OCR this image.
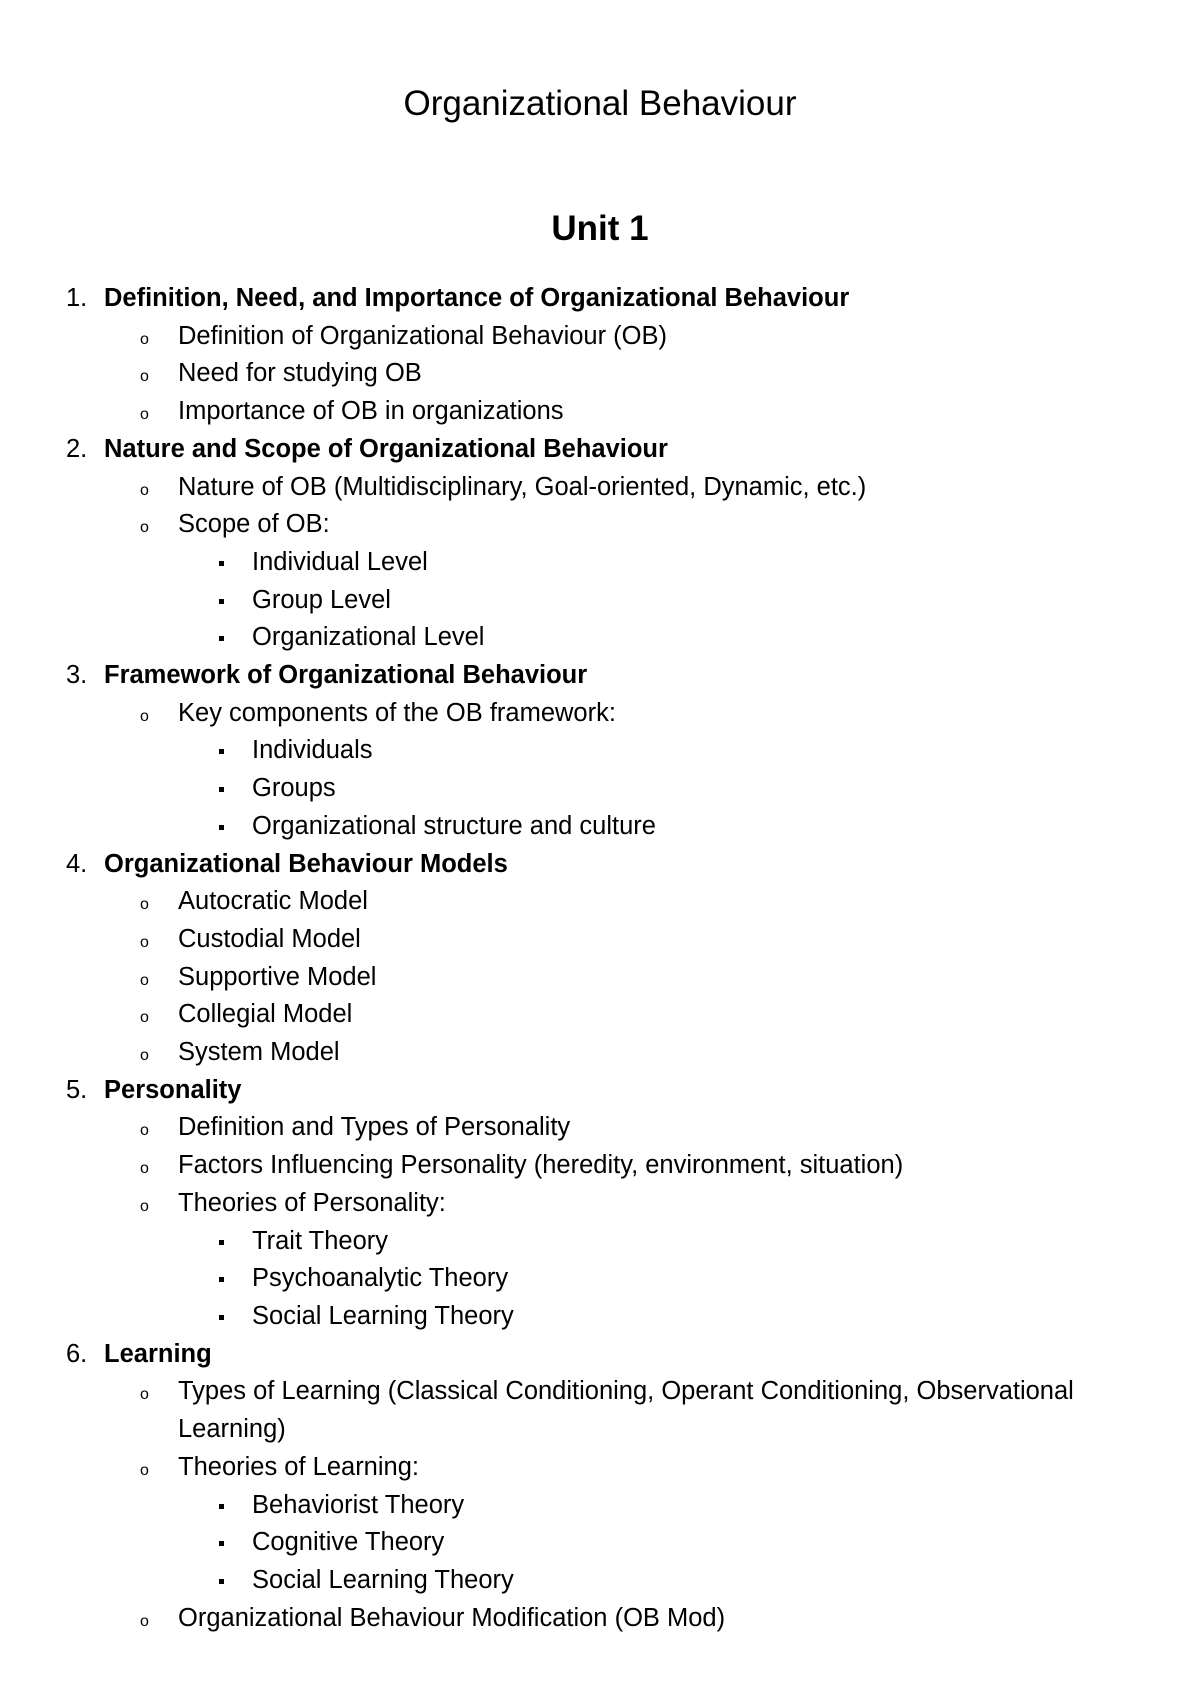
Organizational Behaviour
Unit 1
1. Definition, Need, and Importance of Organizational Behaviour
o Definition of Organizational Behaviour (OB)
o Need for studying OB
o Importance of OB in organizations
2. Nature and Scope of Organizational Behaviour
o Nature of OB (Multidisciplinary, Goal-oriented, Dynamic, etc.)
o Scope of OB:
Individual Level
Group Level
Organizational Level
3. Framework of Organizational Behaviour
o Key components of the OB framework:
Individuals
Groups
Organizational structure and culture
4. Organizational Behaviour Models
o Autocratic Model
o Custodial Model
o Supportive Model
o Collegial Model
o System Model
5. Personality
o Definition and Types of Personality
o Factors Influencing Personality (heredity, environment, situation)
o Theories of Personality:
Trait Theory
Psychoanalytic Theory
Social Learning Theory
6. Learning
o Types of Learning (Classical Conditioning, Operant Conditioning, Observational Learning)
o Theories of Learning:
Behaviorist Theory
Cognitive Theory
Social Learning Theory
o Organizational Behaviour Modification (OB Mod)
